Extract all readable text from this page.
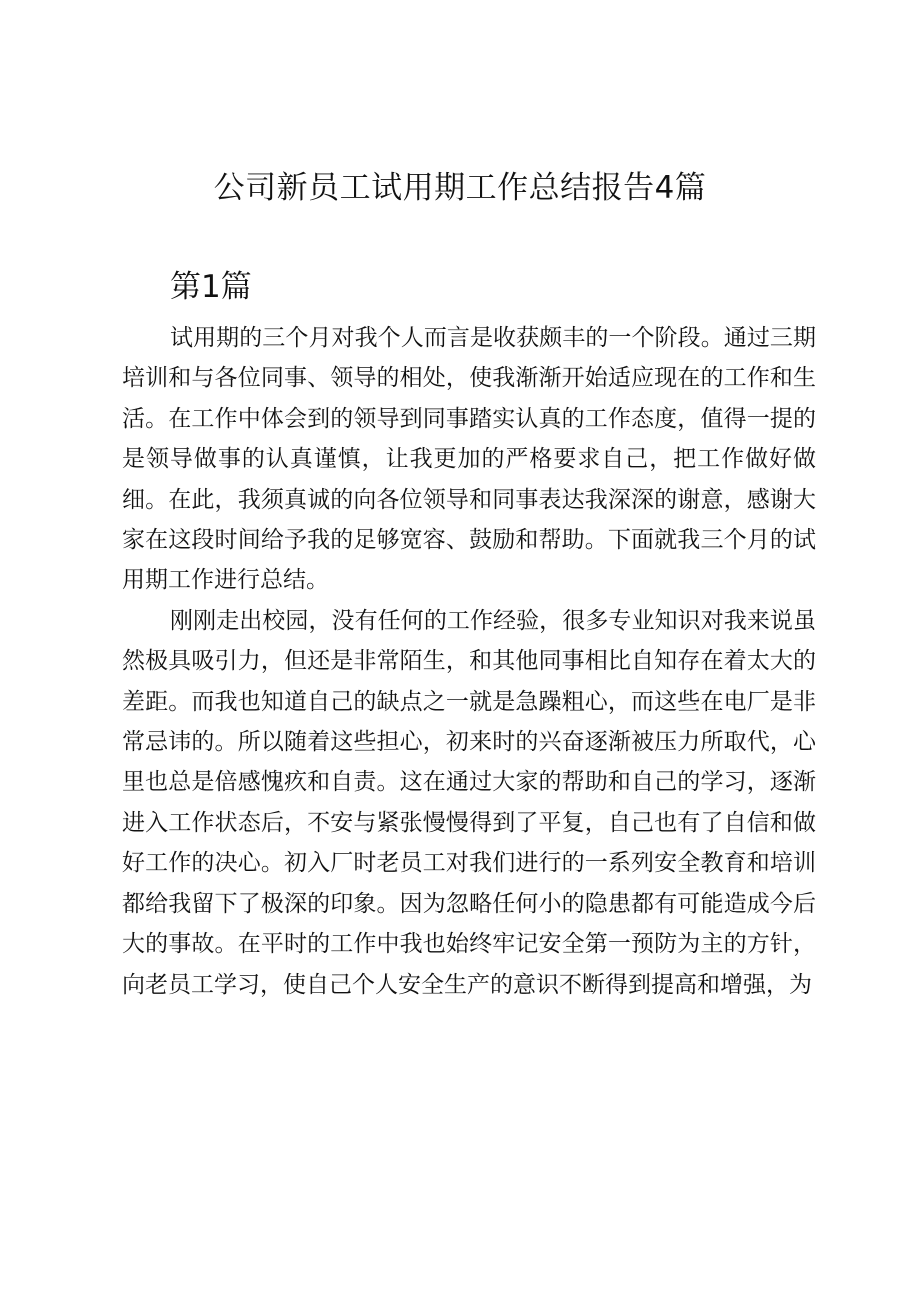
公司新员工试用期工作总结报告4篇
第1篇

试用期的三个月对我个人而言是收获颇丰的一个阶段。通过三期培训和与各位同事、领导的相处，使我渐渐开始适应现在的工作和生活。在工作中体会到的领导到同事踏实认真的工作态度，值得一提的是领导做事的认真谨慎，让我更加的严格要求自己，把工作做好做细。在此，我须真诚的向各位领导和同事表达我深深的谢意，感谢大家在这段时间给予我的足够宽容、鼓励和帮助。下面就我三个月的试用期工作进行总结。

刚刚走出校园，没有任何的工作经验，很多专业知识对我来说虽然极具吸引力，但还是非常陌生，和其他同事相比自知存在着太大的差距。而我也知道自己的缺点之一就是急躁粗心，而这些在电厂是非常忌讳的。所以随着这些担心，初来时的兴奋逐渐被压力所取代，心里也总是倍感愧疚和自责。这在通过大家的帮助和自己的学习，逐渐进入工作状态后，不安与紧张慢慢得到了平复，自己也有了自信和做好工作的决心。初入厂时老员工对我们进行的一系列安全教育和培训都给我留下了极深的印象。因为忽略任何小的隐患都有可能造成今后大的事故。在平时的工作中我也始终牢记安全第一预防为主的方针，向老员工学习，使自己个人安全生产的意识不断得到提高和增强，为
